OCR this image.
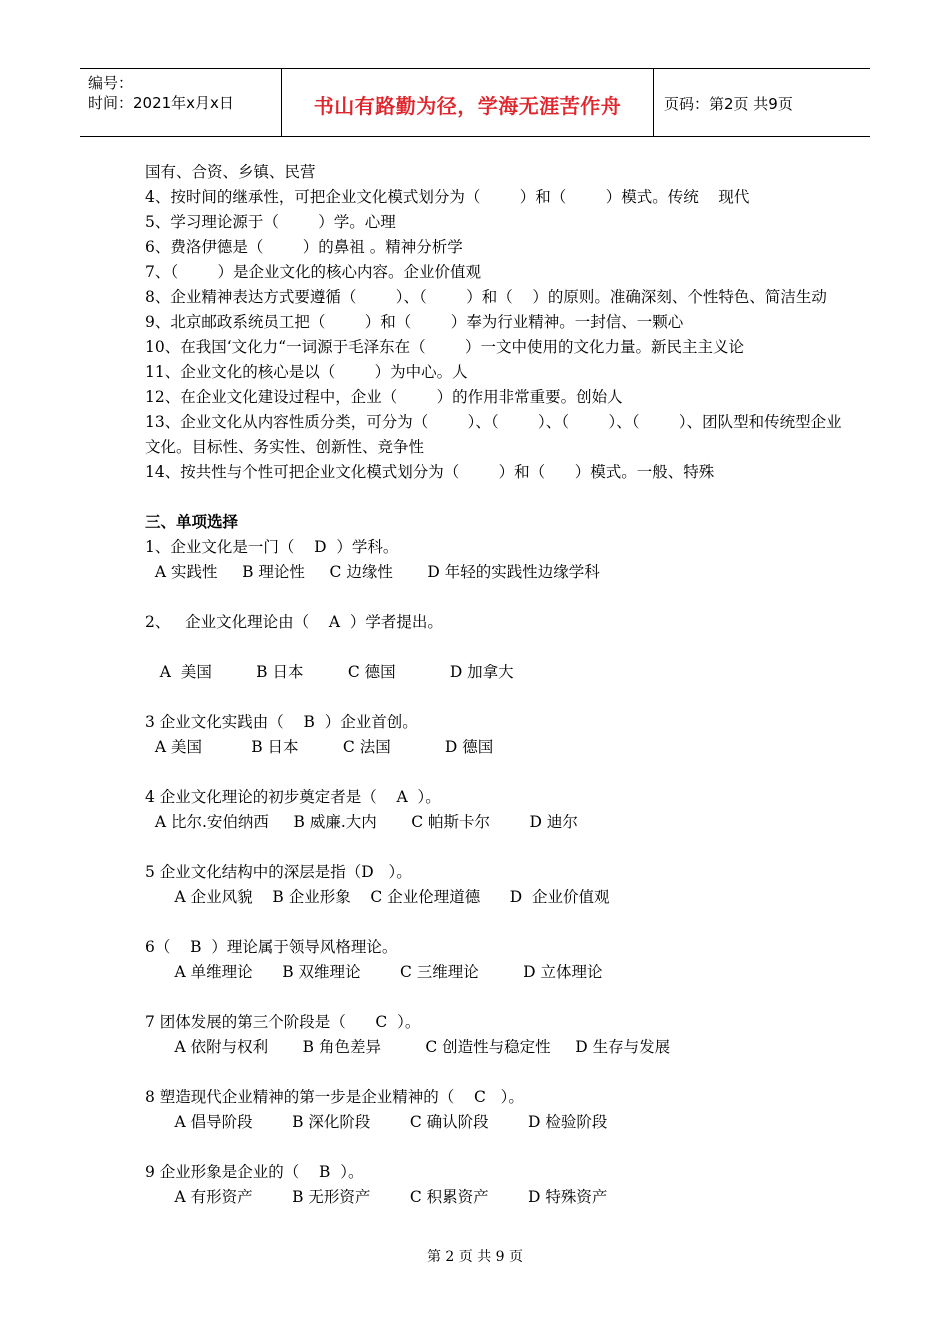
编号：
时间：2021年x月x日	书山有路勤为径，学海无涯苦作舟	页码：第2页 共9页
国有、合资、乡镇、民营
4、按时间的继承性，可把企业文化模式划分为（        ）和（        ）模式。传统    现代
5、学习理论源于（        ）学。心理
6、费洛伊德是（        ）的鼻祖 。精神分析学
7、（        ）是企业文化的核心内容。企业价值观
8、企业精神表达方式要遵循（        ）、（        ）和（    ）的原则。准确深刻、个性特色、简洁生动
9、北京邮政系统员工把（        ）和（        ）奉为行业精神。一封信、一颗心
10、在我国‘文化力“一词源于毛泽东在（        ）一文中使用的文化力量。新民主主义论
11、企业文化的核心是以（        ）为中心。人
12、在企业文化建设过程中，企业（        ）的作用非常重要。创始人
13、企业文化从内容性质分类，可分为（        ）、（        ）、（        ）、（        ）、团队型和传统型企业文化。目标性、务实性、创新性、竞争性
14、按共性与个性可把企业文化模式划分为（        ）和（      ）模式。一般、特殊
三、单项选择
1、企业文化是一门（    D  ）学科。
A 实践性     B 理论性     C 边缘性       D 年轻的实践性边缘学科
2、   企业文化理论由（    A  ）学者提出。
A  美国         B 日本         C 德国           D 加拿大
3 企业文化实践由（    B  ）企业首创。
A 美国          B 日本         C 法国           D 德国
4 企业文化理论的初步奠定者是（    A  ）。
A 比尔.安伯纳西     B 威廉.大内       C 帕斯卡尔        D 迪尔
5 企业文化结构中的深层是指（D   ）。
A 企业风貌    B 企业形象    C 企业伦理道德      D  企业价值观
6（    B  ）理论属于领导风格理论。
A 单维理论      B 双维理论        C 三维理论         D 立体理论
7 团体发展的第三个阶段是（      C  ）。
A 依附与权利       B 角色差异         C 创造性与稳定性     D 生存与发展
8 塑造现代企业精神的第一步是企业精神的（    C   ）。
A 倡导阶段        B 深化阶段        C 确认阶段        D 检验阶段
9 企业形象是企业的（    B  ）。
A 有形资产        B 无形资产        C 积累资产        D 特殊资产
第 2 页 共 9 页
